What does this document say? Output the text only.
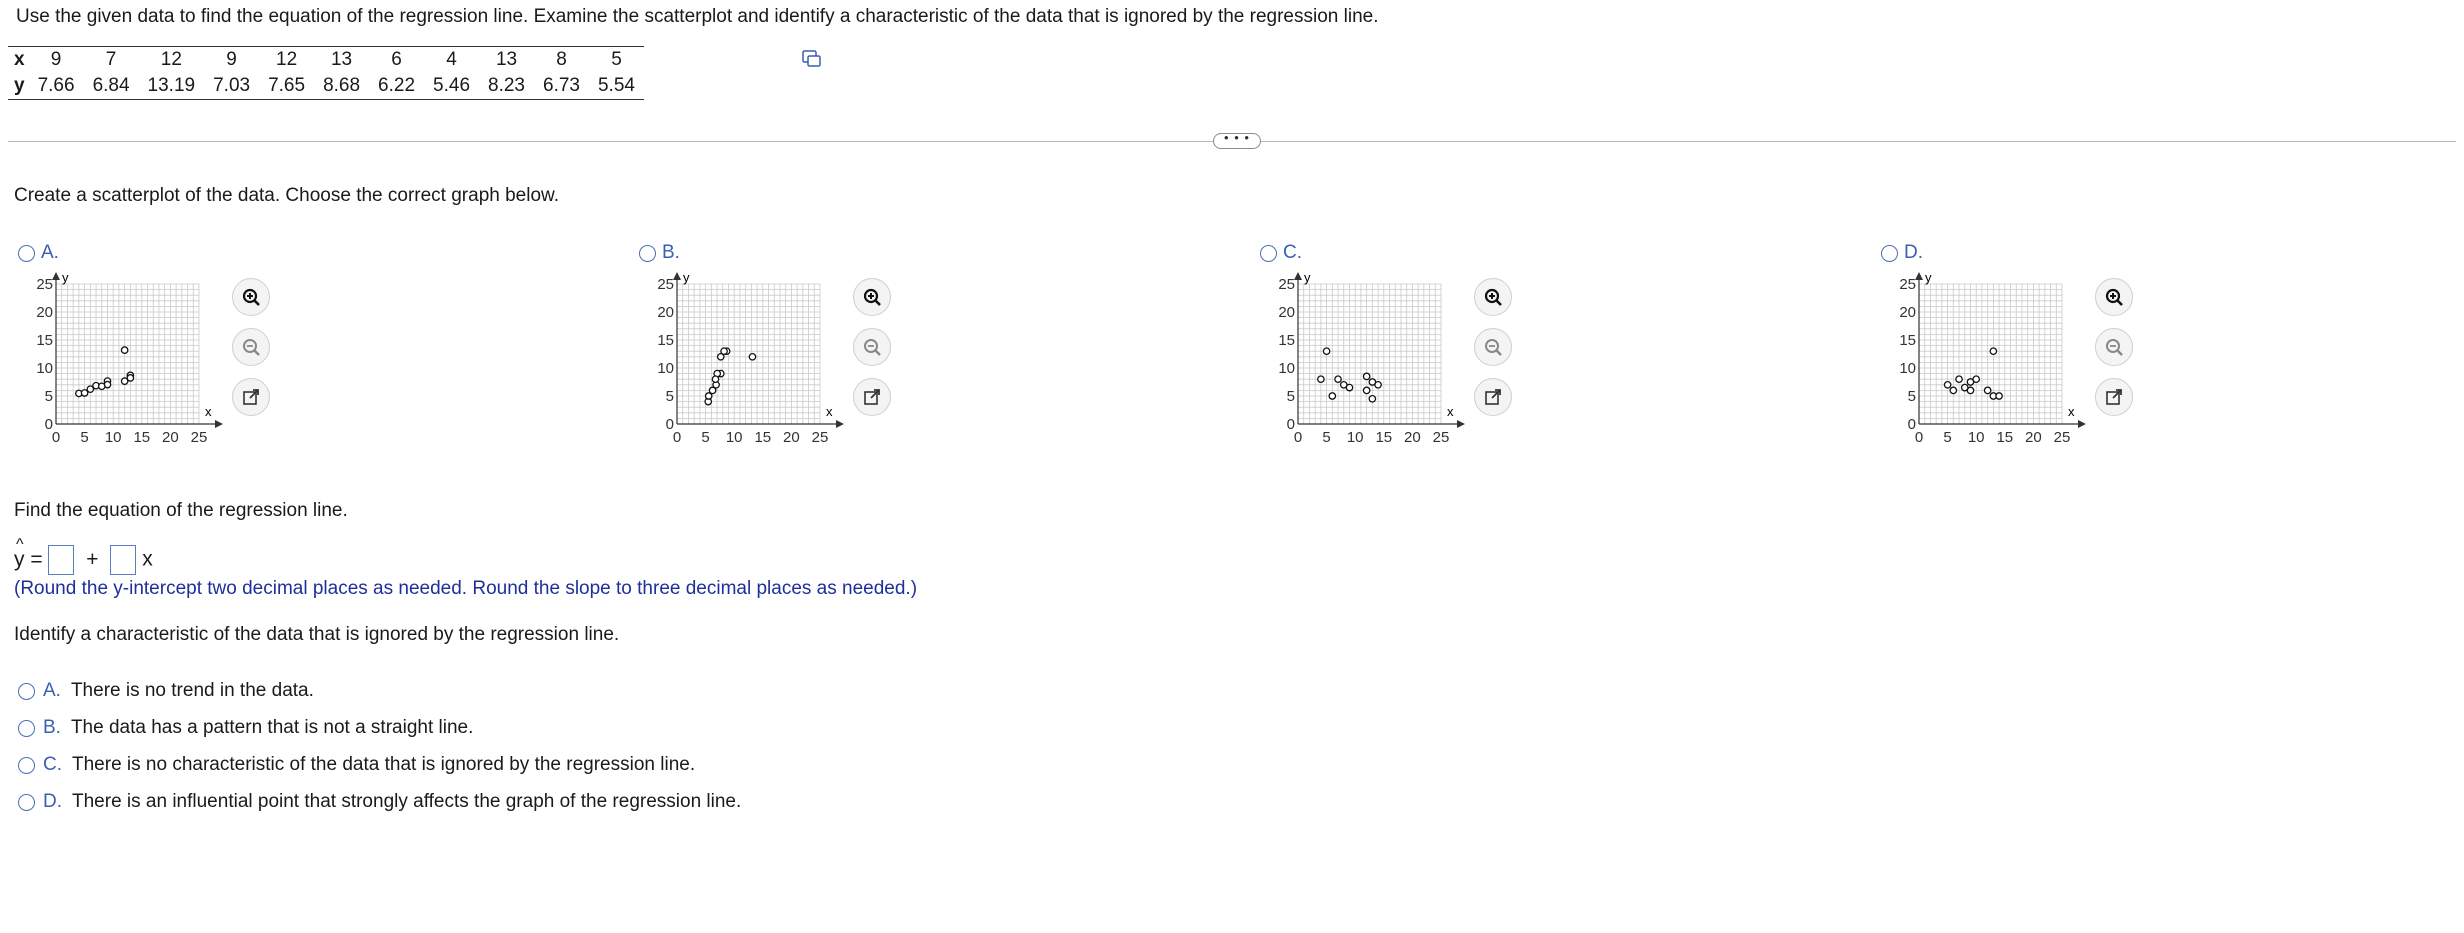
Use the given data to find the equation of the regression line. Examine the scatterplot and identify a characteristic of the data that is ignored by the regression line.
x	9	7	12	9	12	13	6	4	13	8	5
y	7.66	6.84	13.19	7.03	7.65	8.68	6.22	5.46	8.23	6.73	5.54
• • •
Create a scatterplot of the data. Choose the correct graph below.
A.
x
y
0 5 10 15 20 25
0
5
10
15
20
25
B.
x
y
0 5 10 15 20 25
0
5
10
15
20
25
C.
x
y
0 5 10 15 20 25
0
5
10
15
20
25
D.
x
y
0 5 10 15 20 25
0
5
10
15
20
25
Find the equation of the regression line.
^
y = + x
(Round the y-intercept two decimal places as needed. Round the slope to three decimal places as needed.)
Identify a characteristic of the data that is ignored by the regression line.
A. There is no trend in the data.
B. The data has a pattern that is not a straight line.
C. There is no characteristic of the data that is ignored by the regression line.
D. There is an influential point that strongly affects the graph of the regression line.
